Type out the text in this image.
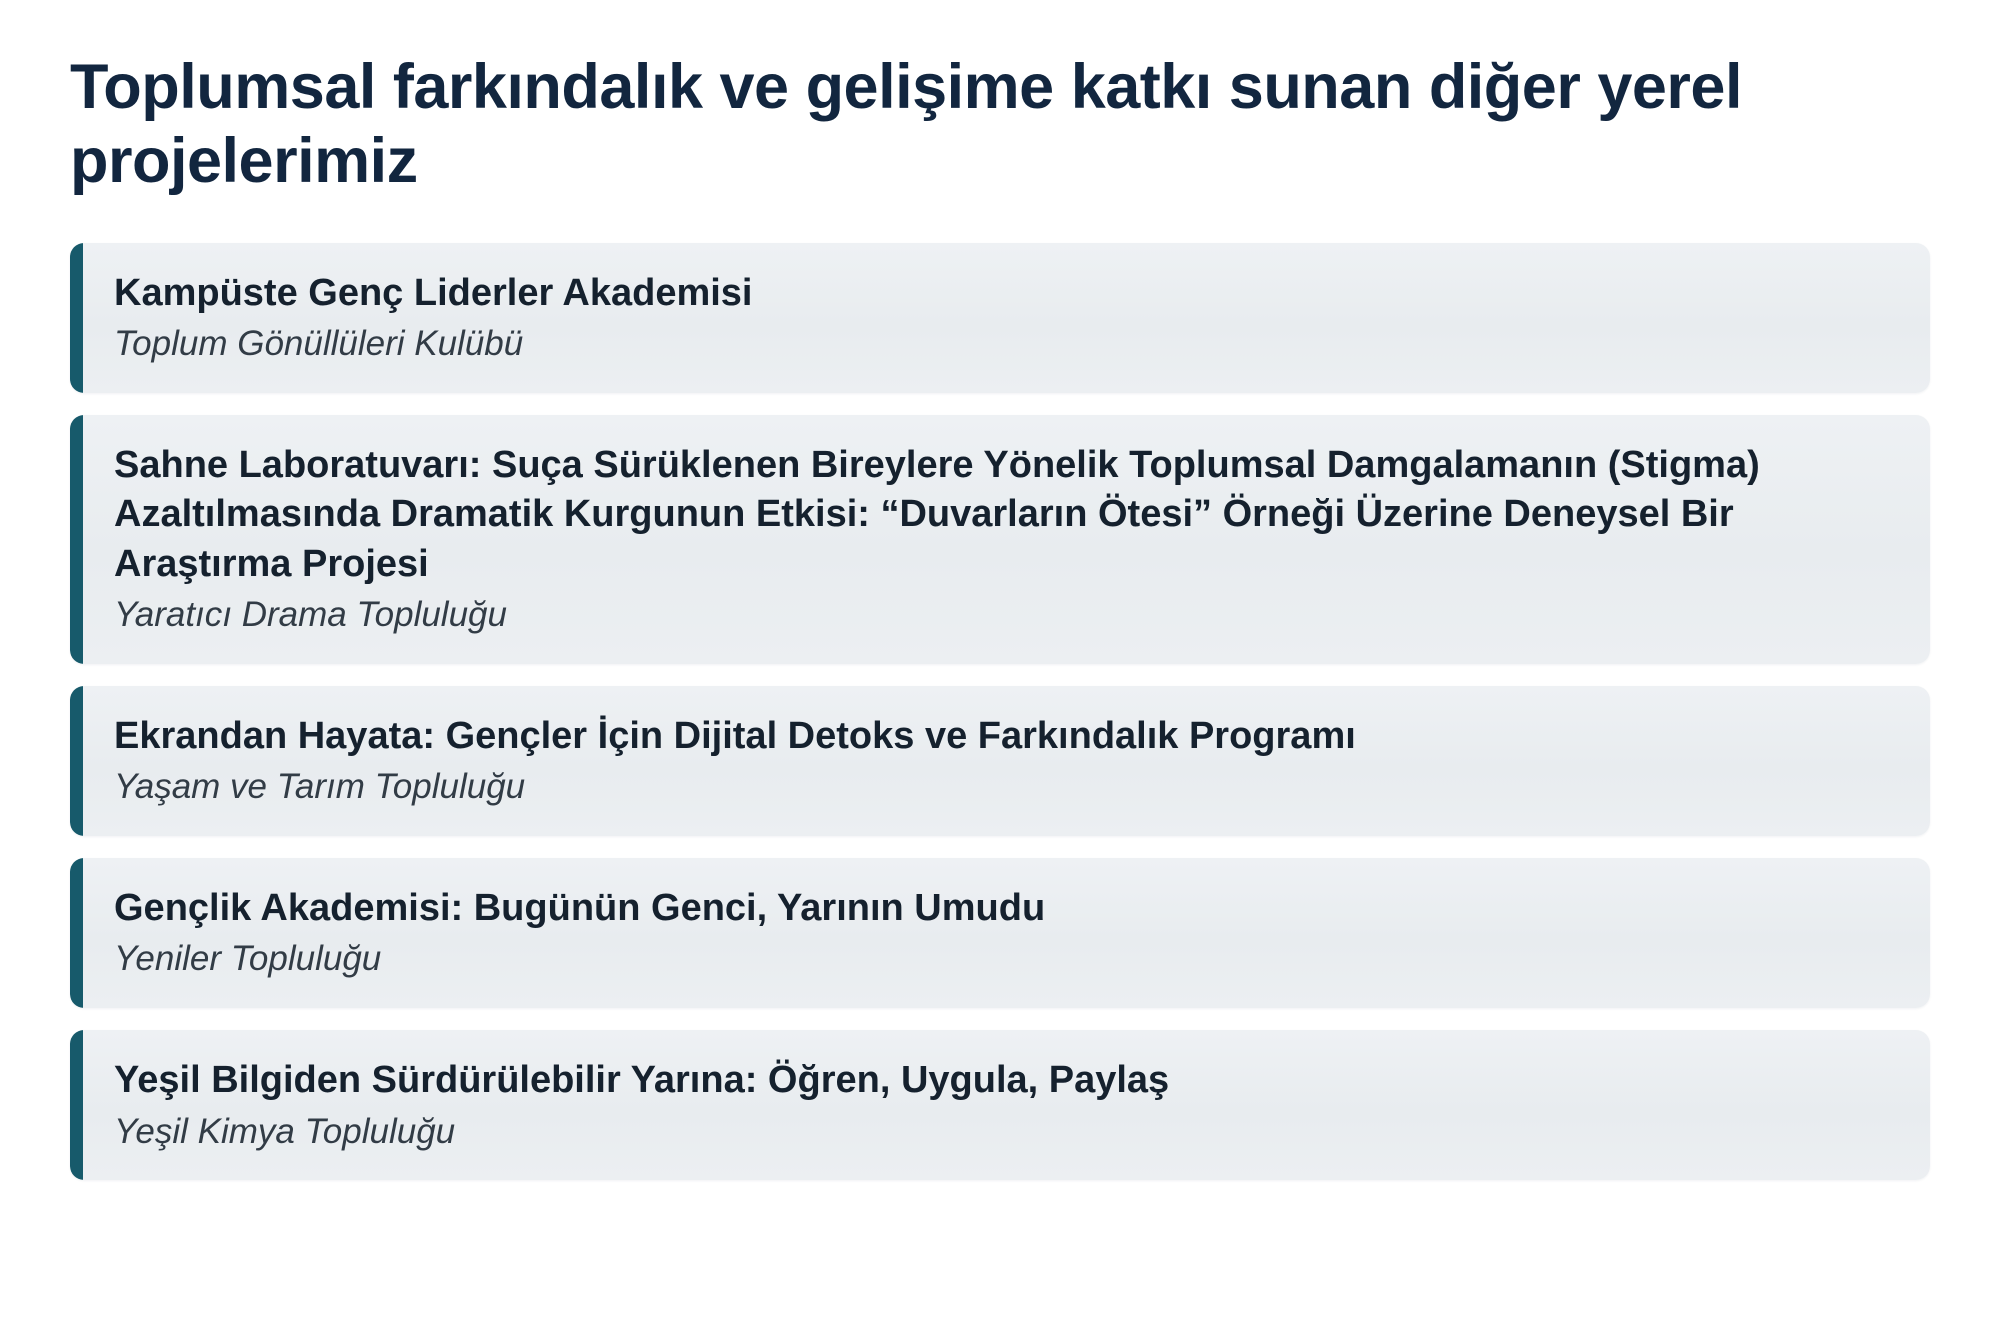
Toplumsal farkındalık ve gelişime katkı sunan diğer yerel projelerimiz
Kampüste Genç Liderler Akademisi
Toplum Gönüllüleri Kulübü
Sahne Laboratuvarı: Suça Sürüklenen Bireylere Yönelik Toplumsal Damgalamanın (Stigma) Azaltılmasında Dramatik Kurgunun Etkisi: “Duvarların Ötesi” Örneği Üzerine Deneysel Bir Araştırma Projesi
Yaratıcı Drama Topluluğu
Ekrandan Hayata: Gençler İçin Dijital Detoks ve Farkındalık Programı
Yaşam ve Tarım Topluluğu
Gençlik Akademisi: Bugünün Genci, Yarının Umudu
Yeniler Topluluğu
Yeşil Bilgiden Sürdürülebilir Yarına: Öğren, Uygula, Paylaş
Yeşil Kimya Topluluğu
